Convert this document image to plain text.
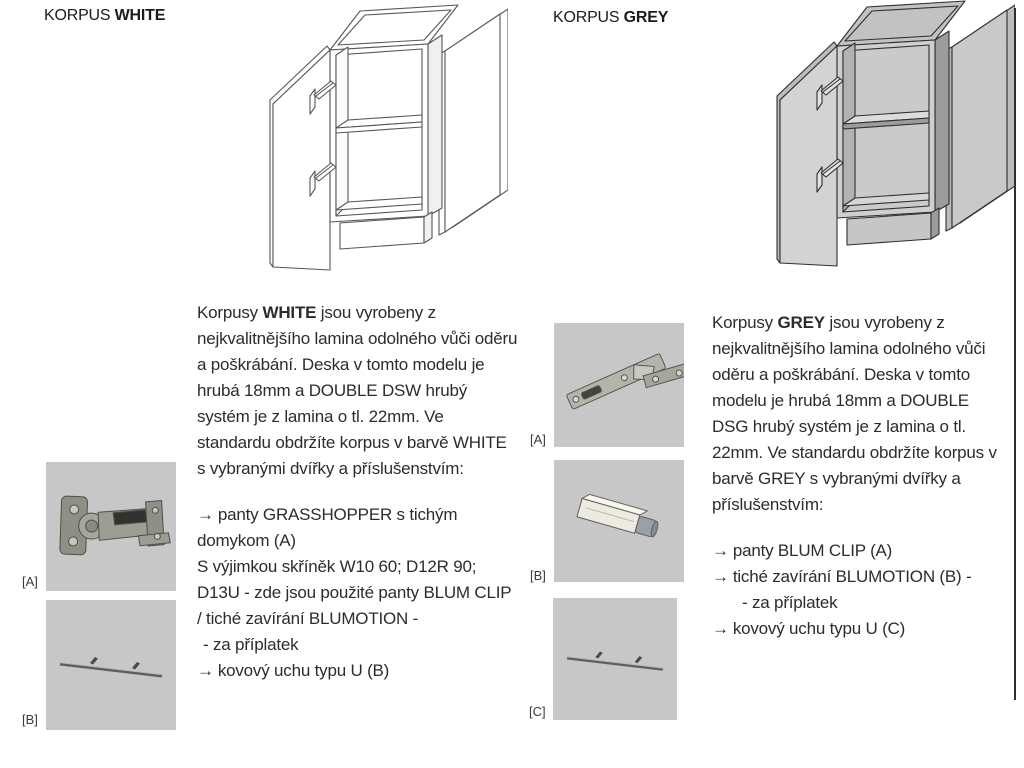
KORPUS WHITE
[A]
[B]
Korpusy WHITE jsou vyrobeny z nejkvalitnějšího lamina odolného vůči oděru a poškrábání. Deska v tomto modelu je hrubá 18mm a DOUBLE DSW hrubý systém je z lamina o tl. 22mm. Ve standardu obdržíte korpus v barvě WHITE s vybranými dvířky a příslušenstvím:
→ panty GRASSHOPPER s tichým domykom (A)
S výjimkou skříněk W10 60; D12R 90; D13U - zde jsou použité panty BLUM CLIP / tiché zavírání BLUMOTION -
- za příplatek
→ kovový uchu typu U (B)
KORPUS GREY
[A]
[B]
[C]
Korpusy GREY jsou vyrobeny z nejkvalitnějšího lamina odolného vůči oděru a poškrábání. Deska v tomto modelu je hrubá 18mm a DOUBLE DSG hrubý systém je z lamina o tl. 22mm. Ve standardu obdržíte korpus v barvě GREY s vybranými dvířky a příslušenstvím:
→ panty BLUM CLIP (A)
→ tiché zavírání BLUMOTION (B) -
- za příplatek
→ kovový uchu typu U (C)
